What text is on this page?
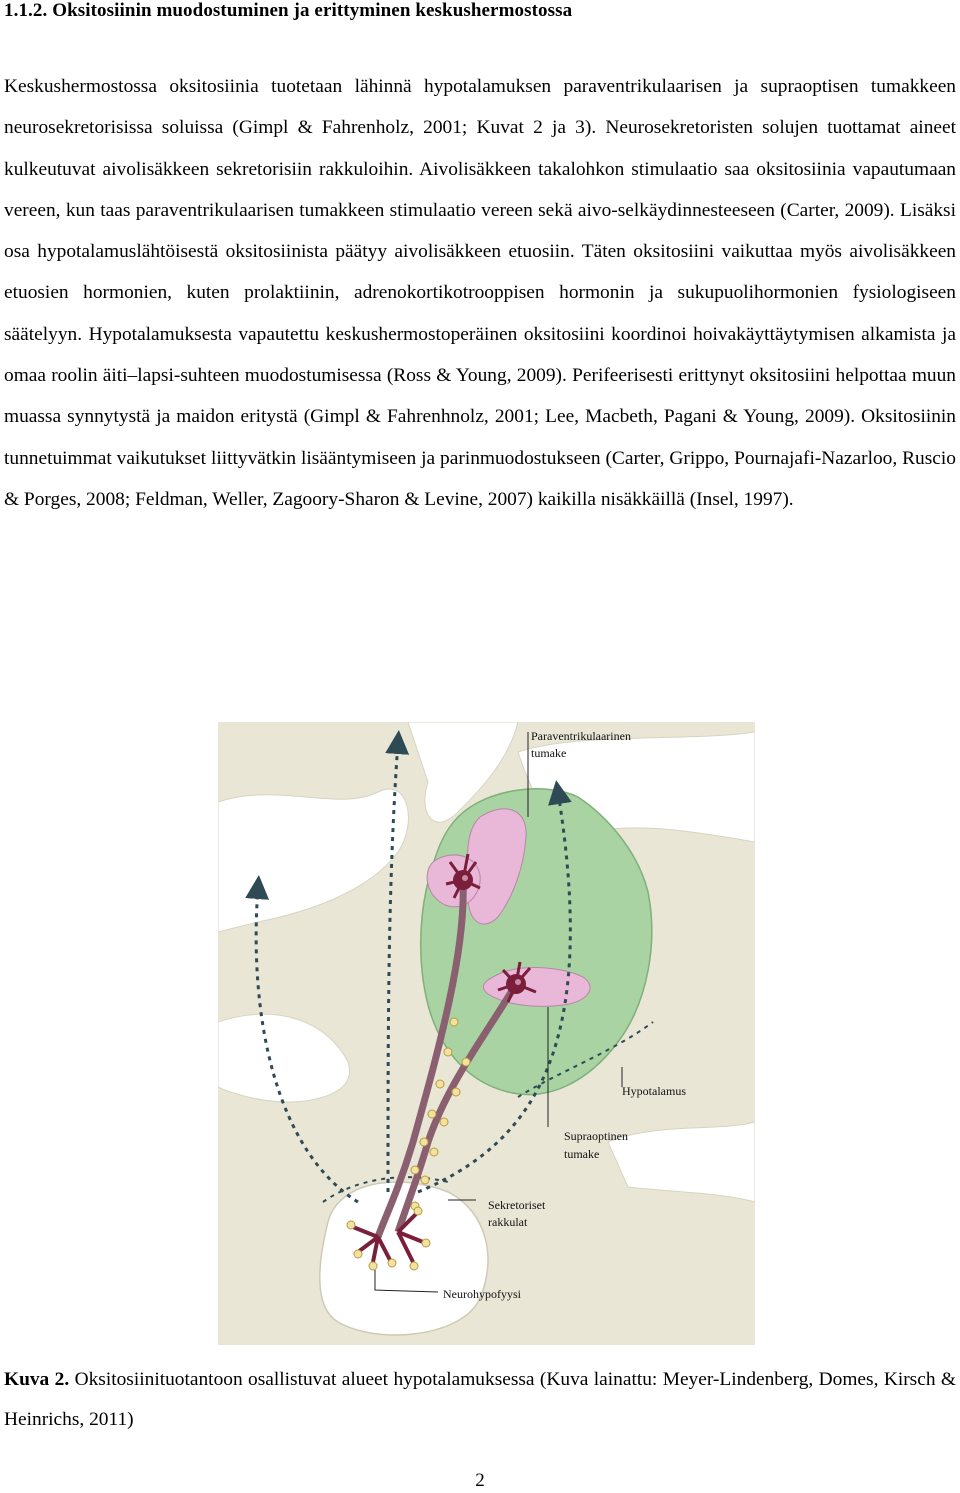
1.1.2. Oksitosiinin muodostuminen ja erittyminen keskushermostossa

Keskushermostossa oksitosiinia tuotetaan lähinnä hypotalamuksen paraventrikulaarisen ja supraoptisen tumakkeen neurosekretorisissa soluissa (Gimpl & Fahrenholz, 2001; Kuvat 2 ja 3). Neurosekretoristen solujen tuottamat aineet kulkeutuvat aivolisäkkeen sekretorisiin rakkuloihin. Aivolisäkkeen takalohkon stimulaatio saa oksitosiinia vapautumaan vereen, kun taas paraventrikulaarisen tumakkeen stimulaatio vereen sekä aivo-selkäydinnesteeseen (Carter, 2009). Lisäksi osa hypotalamuslähtöisestä oksitosiinista päätyy aivolisäkkeen etuosiin. Täten oksitosiini vaikuttaa myös aivolisäkkeen etuosien hormonien, kuten prolaktiinin, adrenokortikotrooppisen hormonin ja sukupuolihormonien fysiologiseen säätelyyn. Hypotalamuksesta vapautettu keskushermostoperäinen oksitosiini koordinoi hoivakäyttäytymisen alkamista ja omaa roolin äiti–lapsi-suhteen muodostumisessa (Ross & Young, 2009). Perifeerisesti erittynyt oksitosiini helpottaa muun muassa synnytystä ja maidon eritystä (Gimpl & Fahrenhnolz, 2001; Lee, Macbeth, Pagani & Young, 2009). Oksitosiinin tunnetuimmat vaikutukset liittyvätkin lisääntymiseen ja parinmuodostukseen (Carter, Grippo, Pournajafi-Nazarloo, Ruscio & Porges, 2008; Feldman, Weller, Zagoory-Sharon & Levine, 2007) kaikilla nisäkkäillä (Insel, 1997).

Paraventrikulaarinen
tumake
Hypotalamus
Supraoptinen
tumake
Sekretoriset
rakkulat
Neurohypofyysi

Kuva 2. Oksitosiinituotantoon osallistuvat alueet hypotalamuksessa (Kuva lainattu: Meyer-Lindenberg, Domes, Kirsch & Heinrichs, 2011)

2
